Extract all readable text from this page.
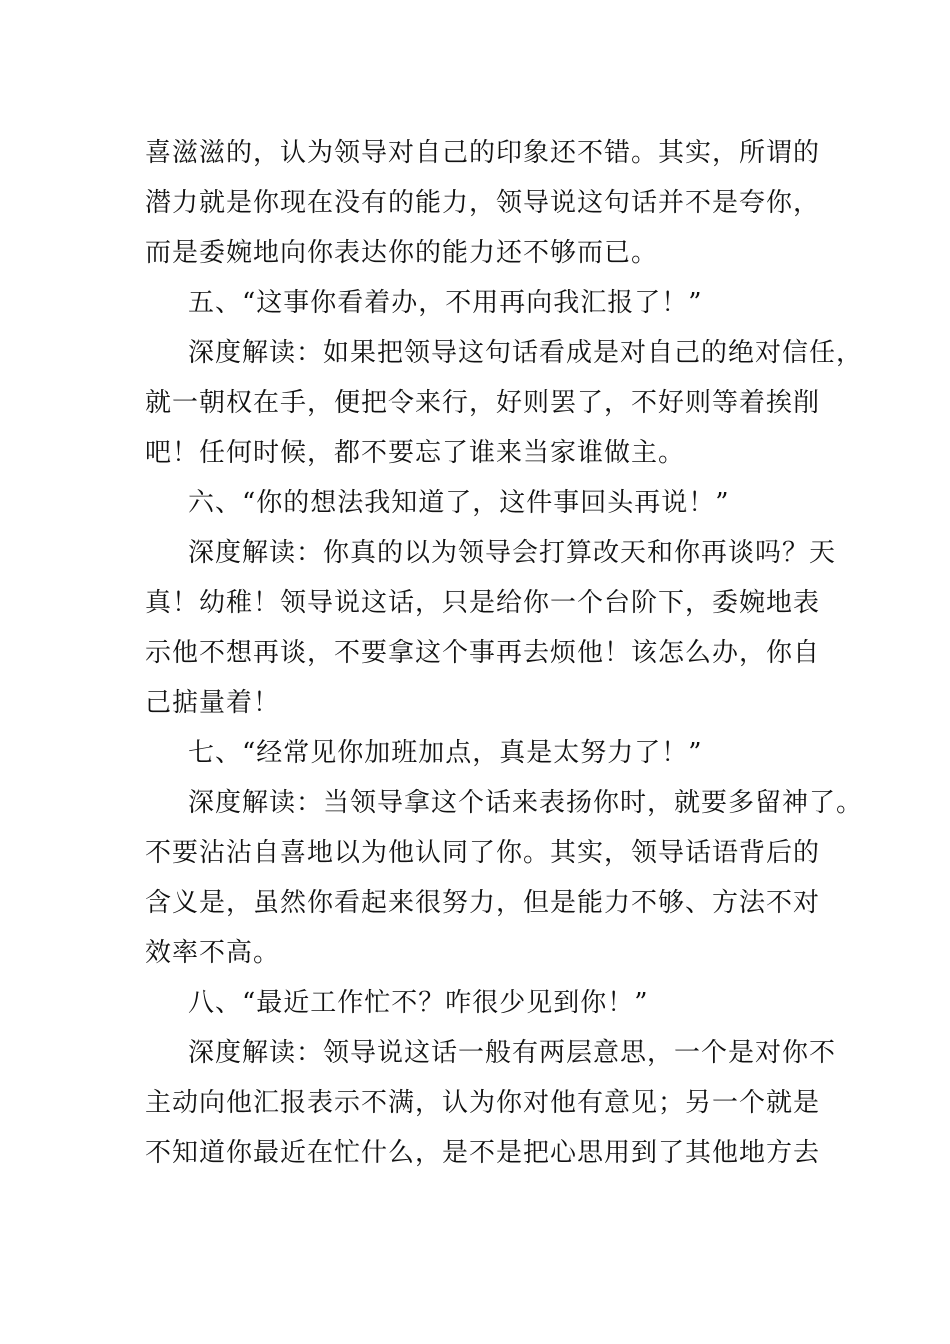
喜滋滋的，认为领导对自己的印象还不错。其实，所谓的
潜力就是你现在没有的能力，领导说这句话并不是夸你，
而是委婉地向你表达你的能力还不够而已。
五、“这事你看着办，不用再向我汇报了！”
深度解读：如果把领导这句话看成是对自己的绝对信任，
就一朝权在手，便把令来行，好则罢了，不好则等着挨削
吧！任何时候，都不要忘了谁来当家谁做主。
六、“你的想法我知道了，这件事回头再说！”
深度解读：你真的以为领导会打算改天和你再谈吗？天
真！幼稚！领导说这话，只是给你一个台阶下，委婉地表
示他不想再谈，不要拿这个事再去烦他！该怎么办，你自
己掂量着！
七、“经常见你加班加点，真是太努力了！”
深度解读：当领导拿这个话来表扬你时，就要多留神了。
不要沾沾自喜地以为他认同了你。其实，领导话语背后的
含义是，虽然你看起来很努力，但是能力不够、方法不对
效率不高。
八、“最近工作忙不？咋很少见到你！”
深度解读：领导说这话一般有两层意思，一个是对你不
主动向他汇报表示不满，认为你对他有意见；另一个就是
不知道你最近在忙什么，是不是把心思用到了其他地方去
